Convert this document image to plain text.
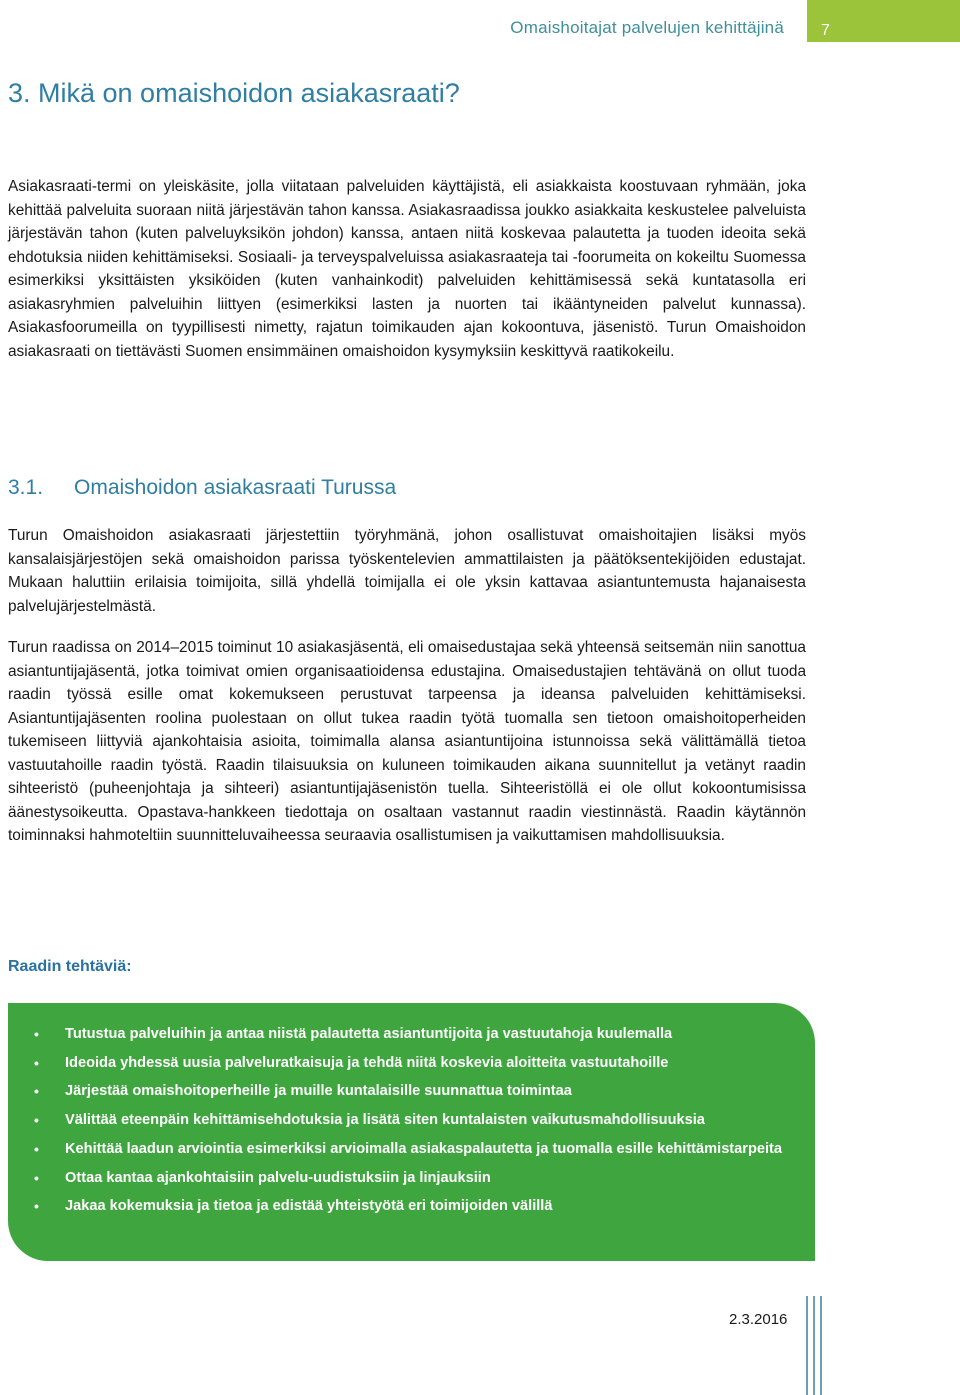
Omaishoitajat palvelujen kehittäjinä 7
3. Mikä on omaishoidon asiakasraati?

Asiakasraati-termi on yleiskäsite, jolla viitataan palveluiden käyttäjistä, eli asiakkaista koostuvaan ryhmään, joka kehittää palveluita suoraan niitä järjestävän tahon kanssa. Asiakasraadissa joukko asiakkaita keskustelee palveluista järjestävän tahon (kuten palveluyksikön johdon) kanssa, antaen niitä koskevaa palautetta ja tuoden ideoita sekä ehdotuksia niiden kehittämiseksi. Sosiaali- ja terveyspalveluissa asiakasraateja tai -foorumeita on kokeiltu Suomessa esimerkiksi yksittäisten yksiköiden (kuten vanhainkodit) palveluiden kehittämisessä sekä kuntatasolla eri asiakasryhmien palveluihin liittyen (esimerkiksi lasten ja nuorten tai ikääntyneiden palvelut kunnassa). Asiakasfoorumeilla on tyypillisesti nimetty, rajatun toimikauden ajan kokoontuva, jäsenistö. Turun Omaishoidon asiakasraati on tiettävästi Suomen ensimmäinen omaishoidon kysymyksiin keskittyvä raatikokeilu.

3.1. Omaishoidon asiakasraati Turussa

Turun Omaishoidon asiakasraati järjestettiin työryhmänä, johon osallistuvat omaishoitajien lisäksi myös kansalaisjärjestöjen sekä omaishoidon parissa työskentelevien ammattilaisten ja päätöksentekijöiden edustajat. Mukaan haluttiin erilaisia toimijoita, sillä yhdellä toimijalla ei ole yksin kattavaa asiantuntemusta hajanaisesta palvelujärjestelmästä.

Turun raadissa on 2014–2015 toiminut 10 asiakasjäsentä, eli omaisedustajaa sekä yhteensä seitsemän niin sanottua asiantuntijajäsentä, jotka toimivat omien organisaatioidensa edustajina. Omaisedustajien tehtävänä on ollut tuoda raadin työssä esille omat kokemukseen perustuvat tarpeensa ja ideansa palveluiden kehittämiseksi. Asiantuntijajäsenten roolina puolestaan on ollut tukea raadin työtä tuomalla sen tietoon omaishoitoperheiden tukemiseen liittyviä ajankohtaisia asioita, toimimalla alansa asiantuntijoina istunnoissa sekä välittämällä tietoa vastuutahoille raadin työstä. Raadin tilaisuuksia on kuluneen toimikauden aikana suunnitellut ja vetänyt raadin sihteeristö (puheenjohtaja ja sihteeri) asiantuntijajäsenistön tuella. Sihteeristöllä ei ole ollut kokoontumisissa äänestysoikeutta. Opastava-hankkeen tiedottaja on osaltaan vastannut raadin viestinnästä. Raadin käytännön toiminnaksi hahmoteltiin suunnitteluvaiheessa seuraavia osallistumisen ja vaikuttamisen mahdollisuuksia.

Raadin tehtäviä:

• Tutustua palveluihin ja antaa niistä palautetta asiantuntijoita ja vastuutahoja kuulemalla
• Ideoida yhdessä uusia palveluratkaisuja ja tehdä niitä koskevia aloitteita vastuutahoille
• Järjestää omaishoitoperheille ja muille kuntalaisille suunnattua toimintaa
• Välittää eteenpäin kehittämisehdotuksia ja lisätä siten kuntalaisten vaikutusmahdollisuuksia
• Kehittää laadun arviointia esimerkiksi arvioimalla asiakaspalautetta ja tuomalla esille kehittämistarpeita
• Ottaa kantaa ajankohtaisiin palvelu-uudistuksiin ja linjauksiin
• Jakaa kokemuksia ja tietoa ja edistää yhteistyötä eri toimijoiden välillä
2.3.2016
